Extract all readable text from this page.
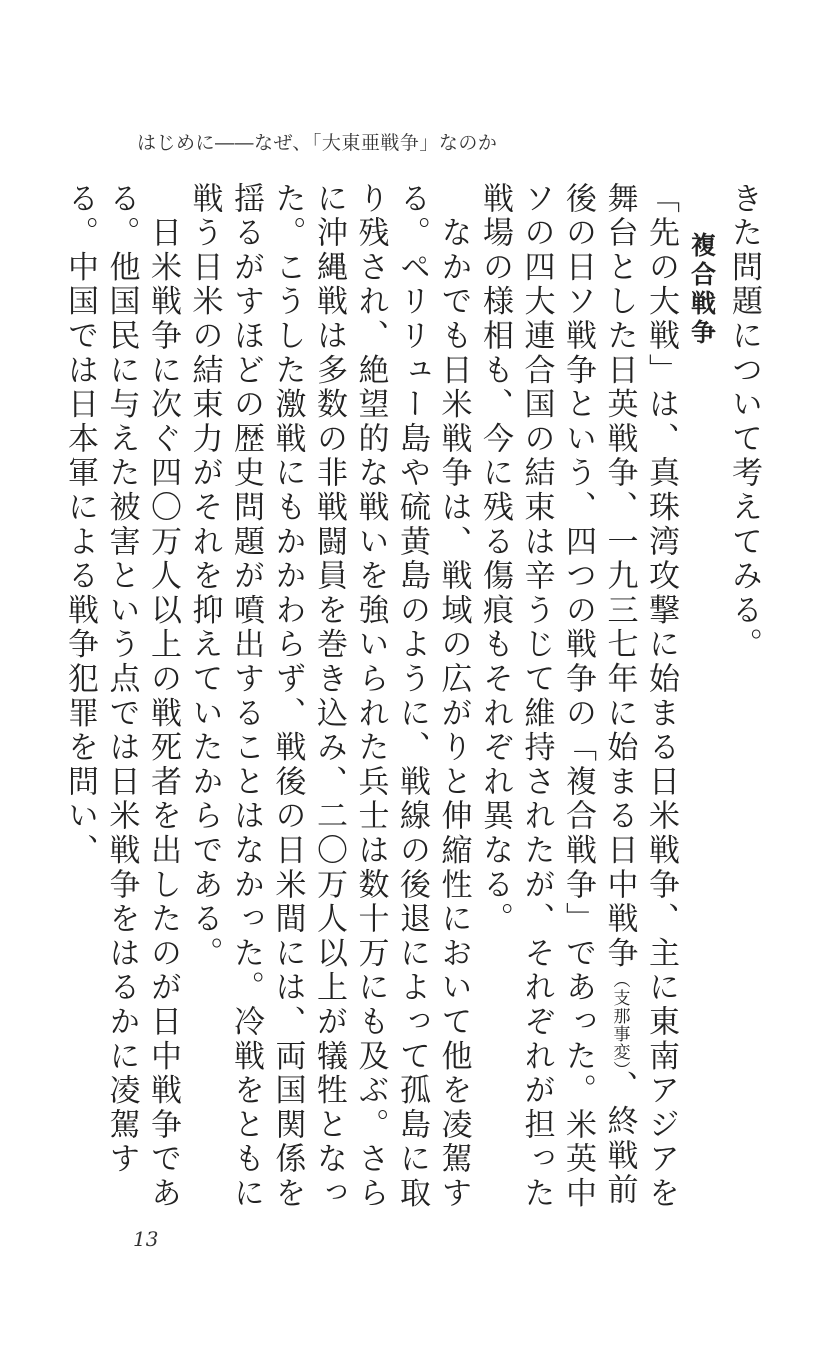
はじめに――なぜ、「大東亜戦争」なのか

きた問題について考えてみる。

複合戦争

「先の大戦」は、真珠湾攻撃に始まる日米戦争、主に東南アジアを舞台とした日英戦争、一九三七年に始まる日中戦争（支那事変）、終戦前後の日ソ戦争という、四つの戦争の「複合戦争」であった。米英中ソの四大連合国の結束は辛うじて維持されたが、それぞれが担った戦場の様相も、今に残る傷痕もそれぞれ異なる。

　なかでも日米戦争は、戦域の広がりと伸縮性において他を凌駕する。ペリリュー島や硫黄島のように、戦線の後退によって孤島に取り残され、絶望的な戦いを強いられた兵士は数十万にも及ぶ。さらに沖縄戦は多数の非戦闘員を巻き込み、二〇万人以上が犠牲となった。こうした激戦にもかかわらず、戦後の日米間には、両国関係を揺るがすほどの歴史問題が噴出することはなかった。冷戦をともに戦う日米の結束力がそれを抑えていたからである。

　日米戦争に次ぐ四〇万人以上の戦死者を出したのが日中戦争である。他国民に与えた被害という点では日米戦争をはるかに凌駕する。中国では日本軍による戦争犯罪を問い、

13
